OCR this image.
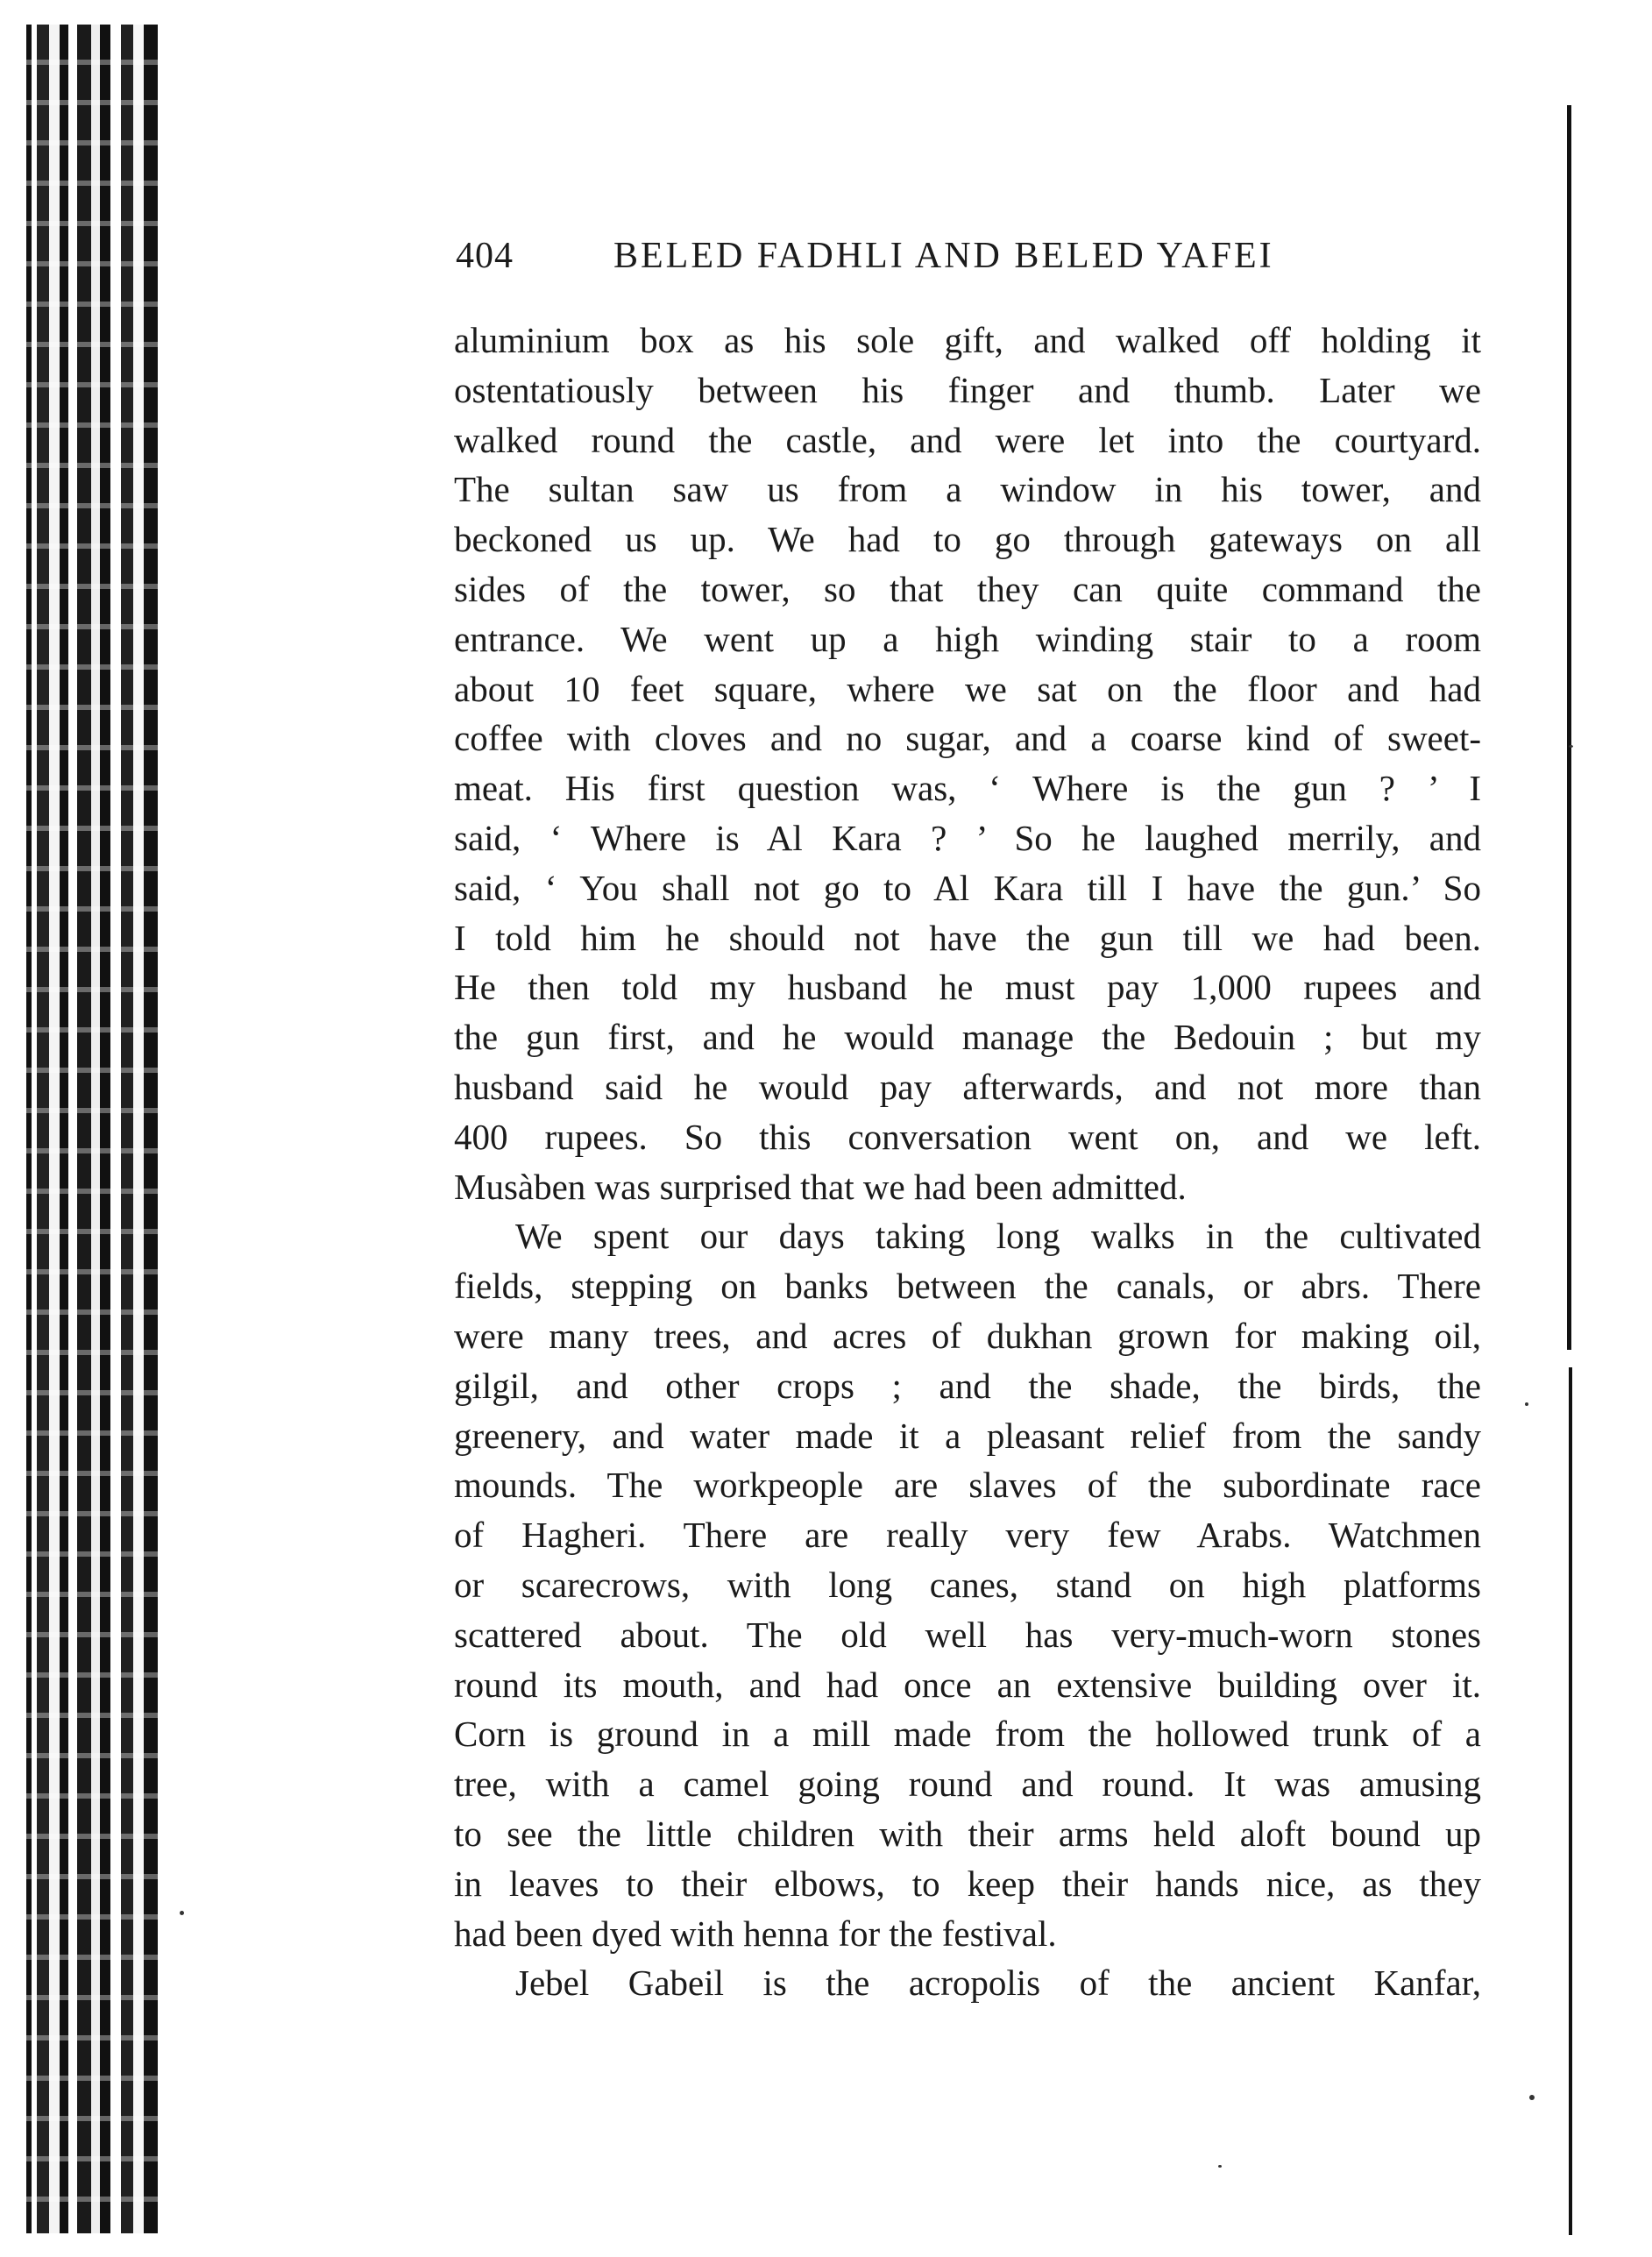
404	BELED FADHLI AND BELED YAFEI
aluminium box as his sole gift, and walked off holding it
ostentatiously between his finger and thumb. Later we
walked round the castle, and were let into the courtyard.
The sultan saw us from a window in his tower, and
beckoned us up. We had to go through gateways on all
sides of the tower, so that they can quite command the
entrance. We went up a high winding stair to a room
about 10 feet square, where we sat on the floor and had
coffee with cloves and no sugar, and a coarse kind of sweet-
meat. His first question was, ‘ Where is the gun ? ’ I
said, ‘ Where is Al Kara ? ’ So he laughed merrily, and
said, ‘ You shall not go to Al Kara till I have the gun.’ So
I told him he should not have the gun till we had been.
He then told my husband he must pay 1,000 rupees and
the gun first, and he would manage the Bedouin ; but my
husband said he would pay afterwards, and not more than
400 rupees. So this conversation went on, and we left.
Musàben was surprised that we had been admitted.
We spent our days taking long walks in the cultivated
fields, stepping on banks between the canals, or abrs. There
were many trees, and acres of dukhan grown for making oil,
gilgil, and other crops ; and the shade, the birds, the
greenery, and water made it a pleasant relief from the sandy
mounds. The workpeople are slaves of the subordinate race
of Hagheri. There are really very few Arabs. Watchmen
or scarecrows, with long canes, stand on high platforms
scattered about. The old well has very-much-worn stones
round its mouth, and had once an extensive building over it.
Corn is ground in a mill made from the hollowed trunk of a
tree, with a camel going round and round. It was amusing
to see the little children with their arms held aloft bound up
in leaves to their elbows, to keep their hands nice, as they
had been dyed with henna for the festival.
Jebel Gabeil is the acropolis of the ancient Kanfar,
